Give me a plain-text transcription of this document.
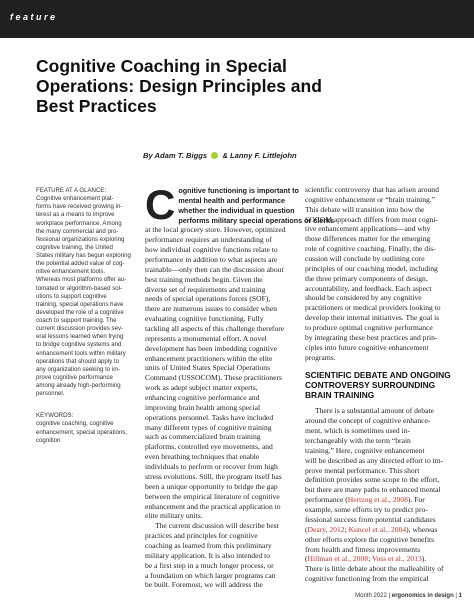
feature
Cognitive Coaching in Special
Operations: Design Principles and
Best Practices
By Adam T. Biggs & Lanny F. Littlejohn
FEATURE AT A GLANCE:
Cognitive enhancement plat-
forms have received growing in-
terest as a means to improve
workplace performance. Among
the many commercial and pro-
fessional organizations exploring
cognitive training, the United
States military has begun exploring
the potential added value of cog-
nitive enhancement tools.
Whereas most platforms offer au-
tomated or algorithm-based sol-
utions to support cognitive
training, special operations have
developed the role of a cognitive
coach to support training. The
current discussion provides sev-
eral lessons learned when trying
to bridge cognitive systems and
enhancement tools within military
operations that should apply to
any organization seeking to im-
prove cognitive performance
among already high-performing
personnel.
KEYWORDS:
cognitive coaching, cognitive
enhancement, special operations,
cognition
C ognitive functioning is important to
mental health and performance
whether the individual in question
performs military special operations or clerks
at the local grocery store. However, optimized
performance requires an understanding of
how individual cognitive functions relate to
performance in addition to what aspects are
trainable—only then can the discussion about
best training methods begin. Given the
diverse set of requirements and training
needs of special operations forces (SOF),
there are numerous issues to consider when
evaluating cognitive functioning. Fully
tackling all aspects of this challenge therefore
represents a monumental effort. A novel
development has been imbedding cognitive
enhancement practitioners within the elite
units of United States Special Operations
Command (USSOCOM). These practitioners
work as adept subject matter experts,
enhancing cognitive performance and
improving brain health among special
operations personnel. Tasks have included
many different types of cognitive training
such as commercialized brain training
platforms, controlled eye movements, and
even breathing techniques that enable
individuals to perform or recover from high
stress evolutions. Still, the program itself has
been a unique opportunity to bridge the gap
between the empirical literature of cognitive
enhancement and the practical application to
elite military units.
The current discussion will describe best
practices and principles for cognitive
coaching as learned from this preliminary
military application. It is also intended to
be a first step in a much longer process, or
a foundation on which larger programs can
be built. Foremost, we will address the
scientific controversy that has arisen around
cognitive enhancement or “brain training.”
This debate will transition into how the
SOCOM approach differs from most cogni-
tive enhancement applications—and why
those differences matter for the emerging
role of cognitive coaching. Finally, the dis-
cussion will conclude by outlining core
principles of our coaching model, including
the three primary components of design,
accountability, and feedback. Each aspect
should be considered by any cognitive
practitioners or medical providers looking to
develop their internal initiatives. The goal is
to produce optimal cognitive performance
by integrating these best practices and prin-
ciples into future cognitive enhancement
programs.
SCIENTIFIC DEBATE AND ONGOING
CONTROVERSY SURROUNDING
BRAIN TRAINING
There is a substantial amount of debate
around the concept of cognitive enhance-
ment, which is sometimes used in-
terchangeably with the term “brain
training.” Here, cognitive enhancement
will be described as any directed effort to im-
prove mental performance. This short
definition provides some scope to the effort,
but there are many paths to enhanced mental
performance (Hertzog et al., 2008). For
example, some efforts try to predict pro-
fessional success from potential candidates
(Deary, 2012; Kuncel et al., 2004), whereas
other efforts explore the cognitive benefits
from health and fitness improvements
(Hillman et al., 2008; Voss et al., 2013).
There is little debate about the malleability of
cognitive functioning from the empirical
Month 2022 | ergonomics in design | 1
